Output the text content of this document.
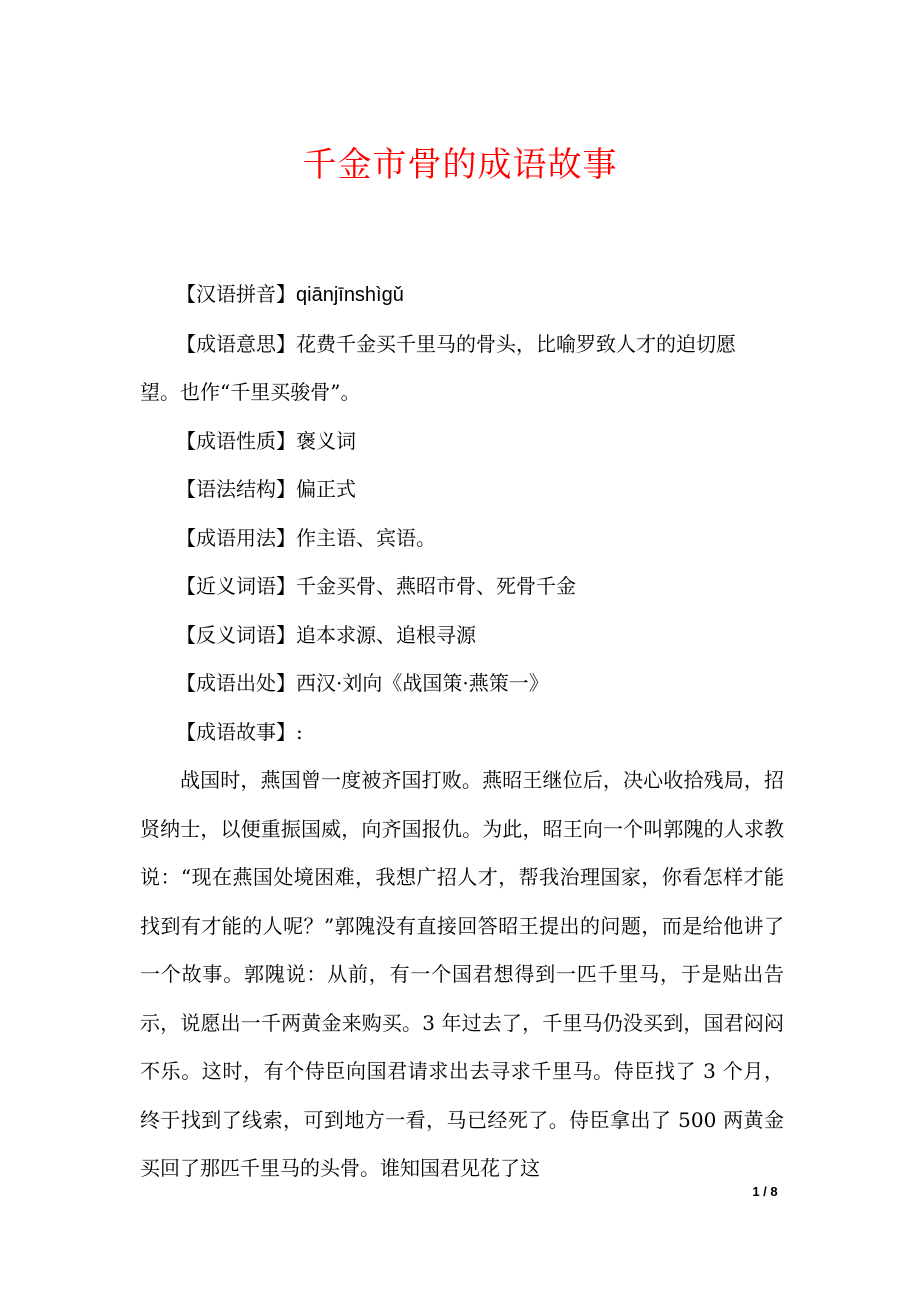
千金市骨的成语故事

【汉语拼音】qiānjīnshìgǔ

【成语意思】花费千金买千里马的骨头，比喻罗致人才的迫切愿
望。也作“千里买骏骨”。

【成语性质】褒义词

【语法结构】偏正式

【成语用法】作主语、宾语。

【近义词语】千金买骨、燕昭市骨、死骨千金

【反义词语】追本求源、追根寻源

【成语出处】西汉·刘向《战国策·燕策一》

【成语故事】:

战国时，燕国曾一度被齐国打败。燕昭王继位后，决心收拾残局，招贤纳士，以便重振国威，向齐国报仇。为此，昭王向一个叫郭隗的人求教说：“现在燕国处境困难，我想广招人才，帮我治理国家，你看怎样才能找到有才能的人呢？”郭隗没有直接回答昭王提出的问题，而是给他讲了一个故事。郭隗说：从前，有一个国君想得到一匹千里马，于是贴出告示，说愿出一千两黄金来购买。3 年过去了，千里马仍没买到，国君闷闷不乐。这时，有个侍臣向国君请求出去寻求千里马。侍臣找了 3 个月，终于找到了线索，可到地方一看，马已经死了。侍臣拿出了 500 两黄金买回了那匹千里马的头骨。谁知国君见花了这

1 / 8
